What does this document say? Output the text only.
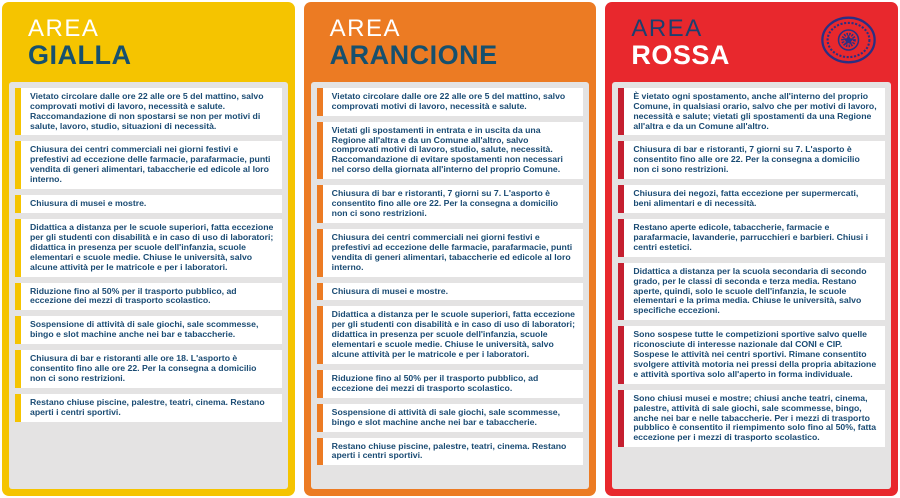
AREA
GIALLA
Vietato circolare dalle ore 22 alle ore 5 del mattino, salvo comprovati motivi di lavoro, necessità e salute. Raccomandazione di non spostarsi se non per motivi di salute, lavoro, studio, situazioni di necessità.
Chiusura dei centri commerciali nei giorni festivi e prefestivi ad eccezione delle farmacie, parafarmacie, punti vendita di generi alimentari, tabaccherie ed edicole al loro interno.
Chiusura di musei e mostre.
Didattica a distanza per le scuole superiori, fatta eccezione per gli studenti con disabilità e in caso di uso di laboratori; didattica in presenza per scuole dell'infanzia, scuole elementari e scuole medie. Chiuse le università, salvo alcune attività per le matricole e per i laboratori.
Riduzione fino al 50% per il trasporto pubblico, ad eccezione dei mezzi di trasporto scolastico.
Sospensione di attività di sale giochi, sale scommesse, bingo e slot machine anche nei bar e tabaccherie.
Chiusura di bar e ristoranti alle ore 18. L'asporto è consentito fino alle ore 22. Per la consegna a domicilio non ci sono restrizioni.
Restano chiuse piscine, palestre, teatri, cinema. Restano aperti i centri sportivi.
AREA
ARANCIONE
Vietato circolare dalle ore 22 alle ore 5 del mattino, salvo comprovati motivi di lavoro, necessità e salute.
Vietati gli spostamenti in entrata e in uscita da una Regione all'altra e da un Comune all'altro, salvo comprovati motivi di lavoro, studio, salute, necessità. Raccomandazione di evitare spostamenti non necessari nel corso della giornata all'interno del proprio Comune.
Chiusura di bar e ristoranti, 7 giorni su 7. L'asporto è consentito fino alle ore 22. Per la consegna a domicilio non ci sono restrizioni.
Chiusura dei centri commerciali nei giorni festivi e prefestivi ad eccezione delle farmacie, parafarmacie, punti vendita di generi alimentari, tabaccherie ed edicole al loro interno.
Chiusura di musei e mostre.
Didattica a distanza per le scuole superiori, fatta eccezione per gli studenti con disabilità e in caso di uso di laboratori; didattica in presenza per scuole dell'infanzia, scuole elementari e scuole medie. Chiuse le università, salvo alcune attività per le matricole e per i laboratori.
Riduzione fino al 50% per il trasporto pubblico, ad eccezione dei mezzi di trasporto scolastico.
Sospensione di attività di sale giochi, sale scommesse, bingo e slot machine anche nei bar e tabaccherie.
Restano chiuse piscine, palestre, teatri, cinema. Restano aperti i centri sportivi.
AREA
ROSSA
È vietato ogni spostamento, anche all'interno del proprio Comune, in qualsiasi orario, salvo che per motivi di lavoro, necessità e salute; vietati gli spostamenti da una Regione all'altra e da un Comune all'altro.
Chiusura di bar e ristoranti, 7 giorni su 7. L'asporto è consentito fino alle ore 22. Per la consegna a domicilio non ci sono restrizioni.
Chiusura dei negozi, fatta eccezione per supermercati, beni alimentari e di necessità.
Restano aperte edicole, tabaccherie, farmacie e parafarmacie, lavanderie, parrucchieri e barbieri. Chiusi i centri estetici.
Didattica a distanza per la scuola secondaria di secondo grado, per le classi di seconda e terza media. Restano aperte, quindi, solo le scuole dell'infanzia, le scuole elementari e la prima media. Chiuse le università, salvo specifiche eccezioni.
Sono sospese tutte le competizioni sportive salvo quelle riconosciute di interesse nazionale dal CONI e CIP. Sospese le attività nei centri sportivi. Rimane consentito svolgere attività motoria nei pressi della propria abitazione e attività sportiva solo all'aperto in forma individuale.
Sono chiusi musei e mostre; chiusi anche teatri, cinema, palestre, attività di sale giochi, sale scommesse, bingo, anche nei bar e nelle tabaccherie. Per i mezzi di trasporto pubblico è consentito il riempimento solo fino al 50%, fatta eccezione per i mezzi di trasporto scolastico.
